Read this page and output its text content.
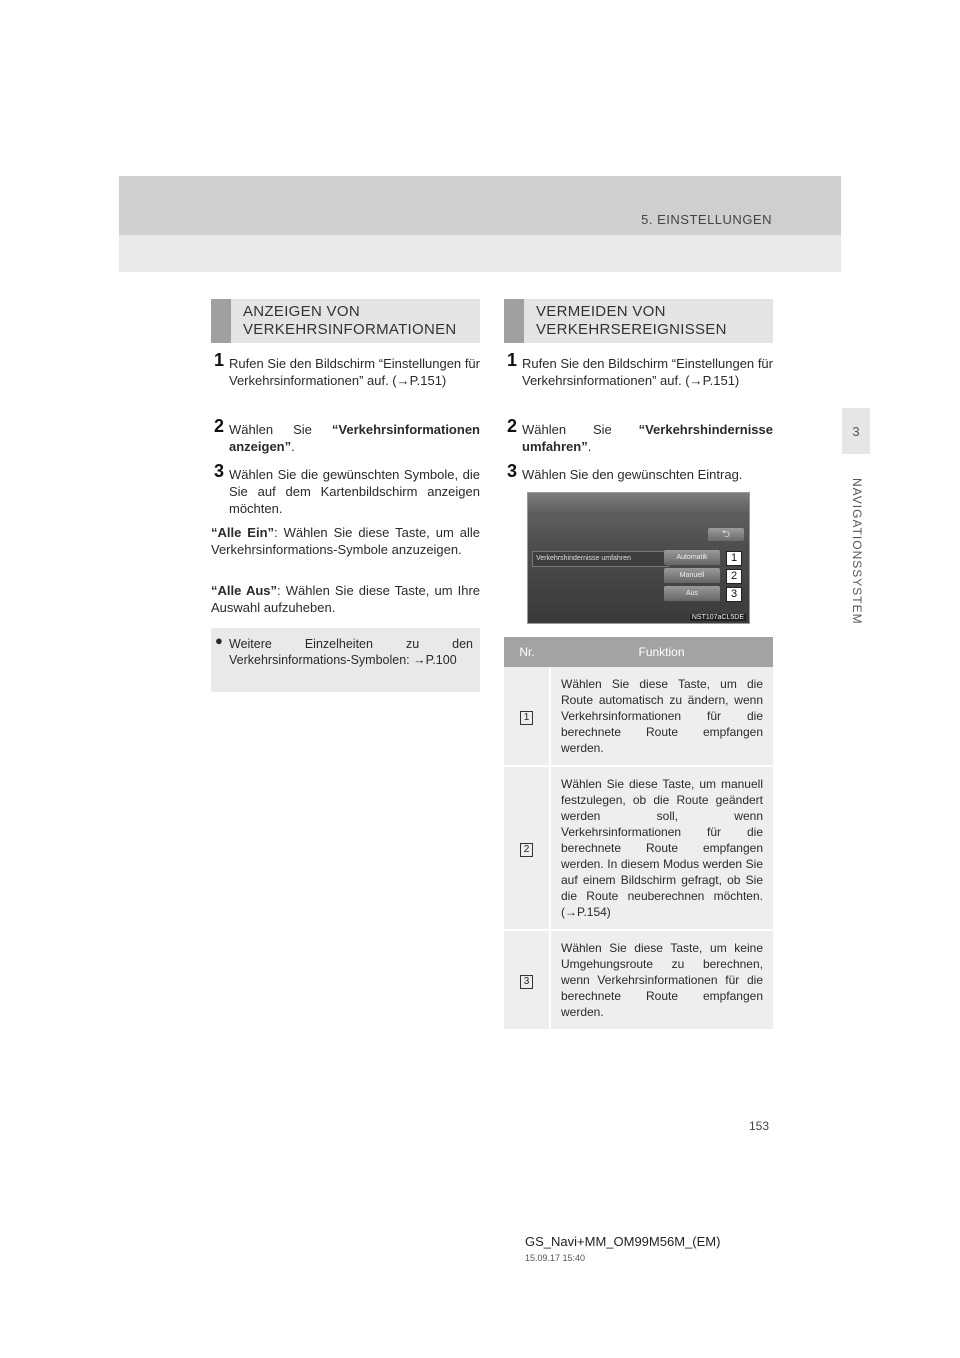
5. EINSTELLUNGEN
3
NAVIGATIONSSYSTEM
ANZEIGEN VON VERKEHRSINFORMATIONEN
1 Rufen Sie den Bildschirm “Einstellungen für Verkehrsinformationen” auf. (→P.151)
2 Wählen Sie “Verkehrsinformationen anzeigen”.
3 Wählen Sie die gewünschten Symbole, die Sie auf dem Kartenbildschirm anzeigen möchten.
“Alle Ein”: Wählen Sie diese Taste, um alle Verkehrsinformations-Symbole anzuzeigen.
“Alle Aus”: Wählen Sie diese Taste, um Ihre Auswahl aufzuheben.
● Weitere Einzelheiten zu den Verkehrsinformations-Symbolen: →P.100
VERMEIDEN VON VERKEHRSEREIGNISSEN
1 Rufen Sie den Bildschirm “Einstellungen für Verkehrsinformationen” auf. (→P.151)
2 Wählen Sie “Verkehrshindernisse umfahren”.
3 Wählen Sie den gewünschten Eintrag.
⮌
Verkehrshindernisse umfahren	Automatik
Manuell
Aus
1
2
3
NST107aCL5DE
Nr.	Funktion
1	Wählen Sie diese Taste, um die Route automatisch zu ändern, wenn Verkehrsinformationen für die berechnete Route empfangen werden.
2	Wählen Sie diese Taste, um manuell festzulegen, ob die Route geändert werden soll, wenn Verkehrsinformationen für die berechnete Route empfangen werden. In diesem Modus werden Sie auf einem Bildschirm gefragt, ob Sie die Route neuberechnen möchten. (→P.154)
3	Wählen Sie diese Taste, um keine Umgehungsroute zu berechnen, wenn Verkehrsinformationen für die berechnete Route empfangen werden.
153
GS_Navi+MM_OM99M56M_(EM)
15.09.17 15:40
